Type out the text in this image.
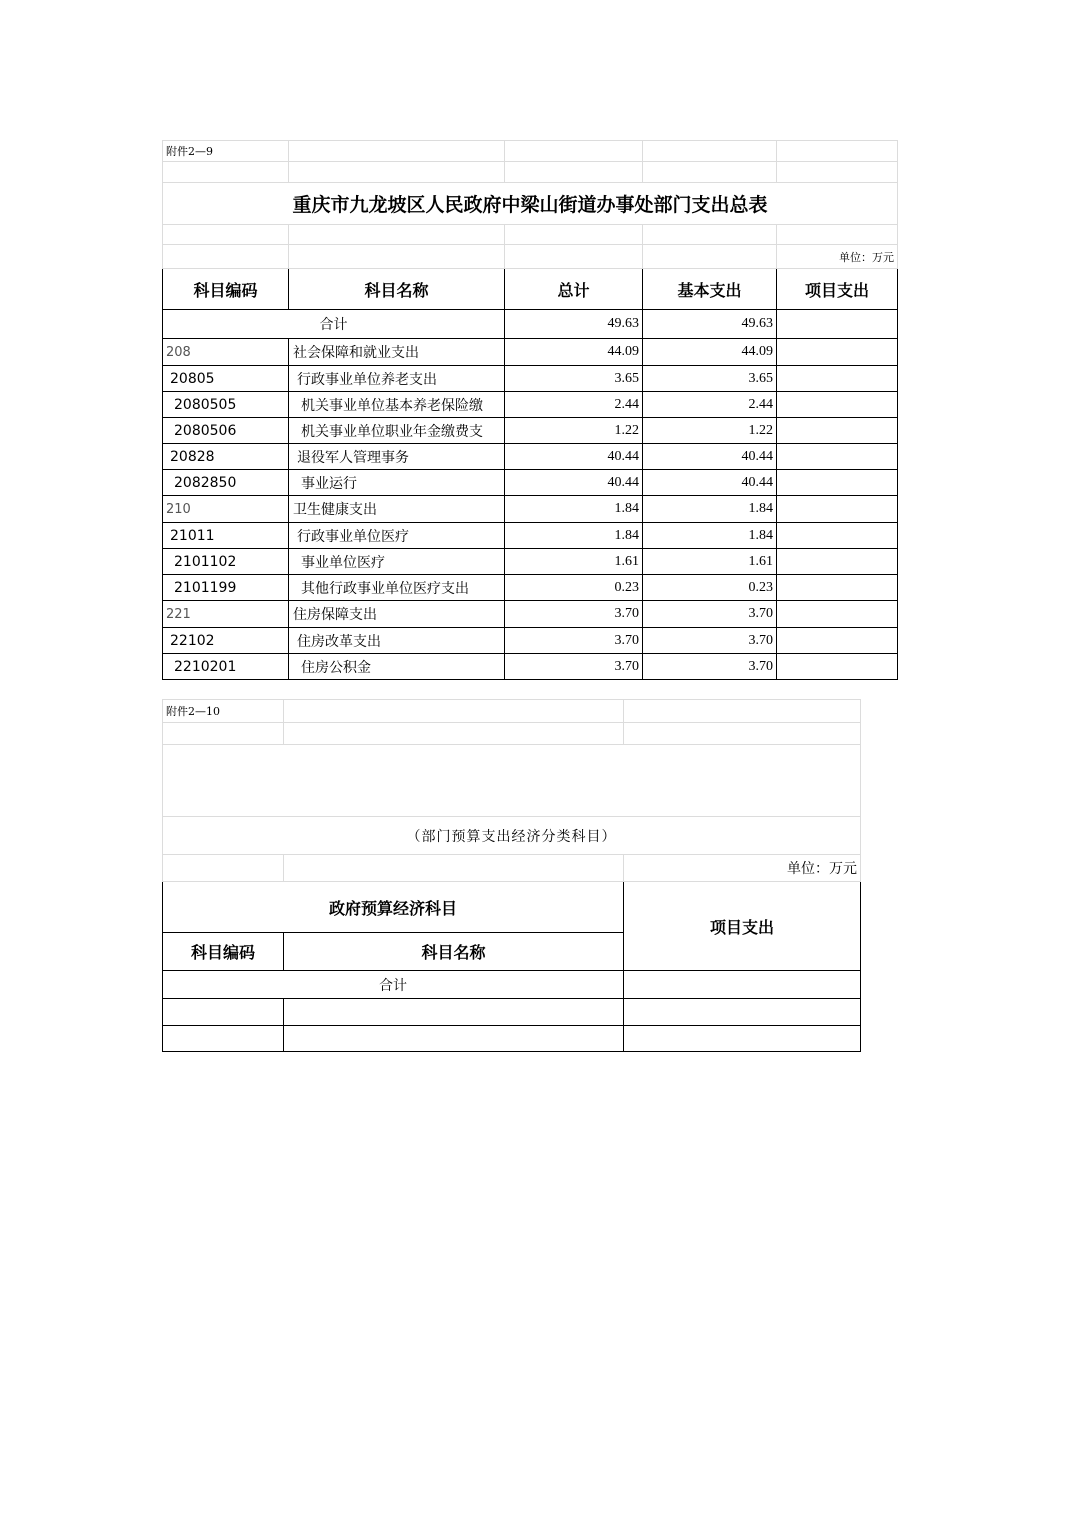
附件2—9				

重庆市九龙坡区人民政府中梁山街道办事处部门支出总表				

				单位：万元
科目编码	科目名称	总计	基本支出	项目支出
合计		49.63	49.63	
208	社会保障和就业支出	44.09	44.09	
20805	行政事业单位养老支出	3.65	3.65	
2080505	机关事业单位基本养老保险缴	2.44	2.44	
2080506	机关事业单位职业年金缴费支	1.22	1.22	
20828	退役军人管理事务	40.44	40.44	
2082850	事业运行	40.44	40.44	
210	卫生健康支出	1.84	1.84	
21011	行政事业单位医疗	1.84	1.84	
2101102	事业单位医疗	1.61	1.61	
2101199	其他行政事业单位医疗支出	0.23	0.23	
221	住房保障支出	3.70	3.70	
22102	住房改革支出	3.70	3.70	
2210201	住房公积金	3.70	3.70	
附件2—10		

（部门预算支出经济分类科目）		
		单位：万元
政府预算经济科目		项目支出
科目编码	科目名称	
合计		
